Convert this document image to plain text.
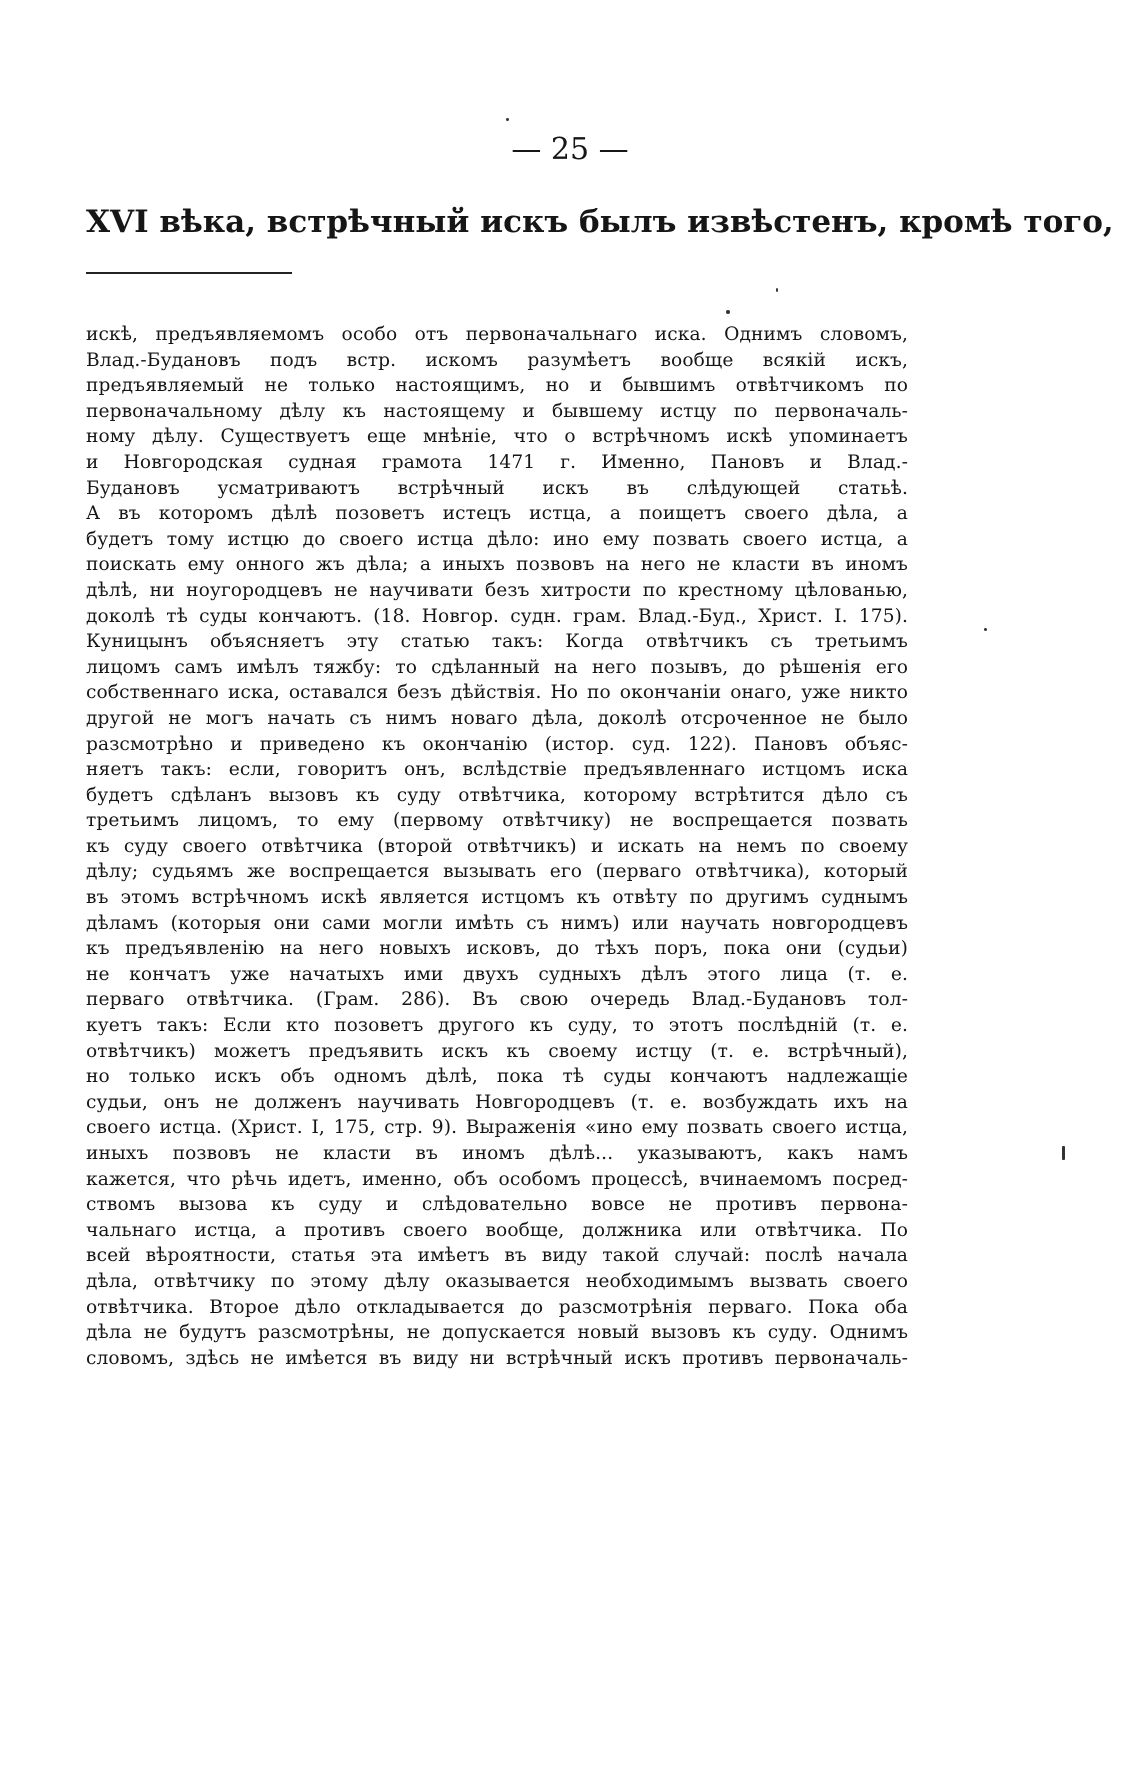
— 25 —
XVI вѣка, встрѣчный искъ былъ извѣстенъ, кромѣ того,
искѣ, предъявляемомъ особо отъ первоначальнаго иска. Однимъ словомъ,
Влад.-Будановъ подъ встр. искомъ разумѣетъ вообще всякій искъ,
предъявляемый не только настоящимъ, но и бывшимъ отвѣтчикомъ по
первоначальному дѣлу къ настоящему и бывшему истцу по первоначаль-
ному дѣлу. Существуетъ еще мнѣніе, что о встрѣчномъ искѣ упоминаетъ
и Новгородская судная грамота 1471 г. Именно, Пановъ и Влад.-
Будановъ усматриваютъ встрѣчный искъ въ слѣдующей статьѣ.
А въ которомъ дѣлѣ позоветъ истецъ истца, а поищетъ своего дѣла, а
будетъ тому истцю до своего истца дѣло: ино ему позвать своего истца, а
поискать ему онного жъ дѣла; а иныхъ позвовъ на него не класти въ иномъ
дѣлѣ, ни ноугородцевъ не научивати безъ хитрости по крестному цѣлованью,
доколѣ тѣ суды кончаютъ. (18. Новгор. судн. грам. Влад.-Буд., Христ. I. 175).
Куницынъ объясняетъ эту статью такъ: Когда отвѣтчикъ съ третьимъ
лицомъ самъ имѣлъ тяжбу: то сдѣланный на него позывъ, до рѣшенія его
собственнаго иска, оставался безъ дѣйствія. Но по окончаніи онаго, уже никто
другой не могъ начать съ нимъ новаго дѣла, доколѣ отсроченное не было
разсмотрѣно и приведено къ окончанію (истор. суд. 122). Пановъ объяс-
няетъ такъ: если, говоритъ онъ, вслѣдствіе предъявленнаго истцомъ иска
будетъ сдѣланъ вызовъ къ суду отвѣтчика, которому встрѣтится дѣло съ
третьимъ лицомъ, то ему (первому отвѣтчику) не воспрещается позвать
къ суду своего отвѣтчика (второй отвѣтчикъ) и искать на немъ по своему
дѣлу; судьямъ же воспрещается вызывать его (перваго отвѣтчика), который
въ этомъ встрѣчномъ искѣ является истцомъ къ отвѣту по другимъ суднымъ
дѣламъ (которыя они сами могли имѣть съ нимъ) или научать новгородцевъ
къ предъявленію на него новыхъ исковъ, до тѣхъ поръ, пока они (судьи)
не кончатъ уже начатыхъ ими двухъ судныхъ дѣлъ этого лица (т. е.
перваго отвѣтчика. (Грам. 286). Въ свою очередь Влад.-Будановъ тол-
куетъ такъ: Если кто позоветъ другого къ суду, то этотъ послѣдній (т. е.
отвѣтчикъ) можетъ предъявить искъ къ своему истцу (т. е. встрѣчный),
но только искъ объ одномъ дѣлѣ, пока тѣ суды кончаютъ надлежащіе
судьи, онъ не долженъ научивать Новгородцевъ (т. е. возбуждать ихъ на
своего истца. (Христ. I, 175, стр. 9). Выраженія «ино ему позвать своего истца,
иныхъ позвовъ не класти въ иномъ дѣлѣ... указываютъ, какъ намъ
кажется, что рѣчь идетъ, именно, объ особомъ процессѣ, вчинаемомъ посред-
ствомъ вызова къ суду и слѣдовательно вовсе не противъ первона-
чальнаго истца, а противъ своего вообще, должника или отвѣтчика. По
всей вѣроятности, статья эта имѣетъ въ виду такой случай: послѣ начала
дѣла, отвѣтчику по этому дѣлу оказывается необходимымъ вызвать своего
отвѣтчика. Второе дѣло откладывается до разсмотрѣнія перваго. Пока оба
дѣла не будутъ разсмотрѣны, не допускается новый вызовъ къ суду. Однимъ
словомъ, здѣсь не имѣется въ виду ни встрѣчный искъ противъ первоначаль-
